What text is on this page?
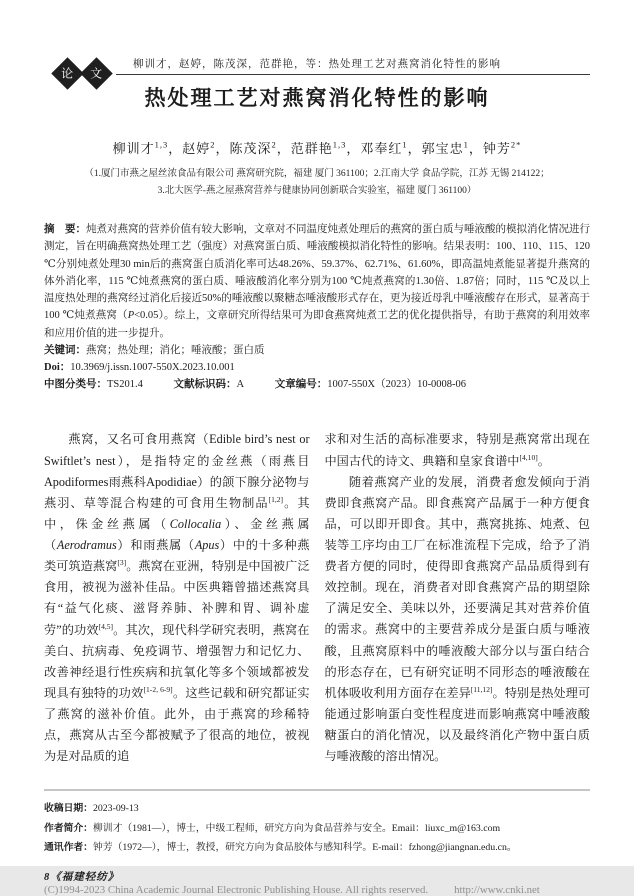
论 文
柳训才，赵婷，陈茂深，范群艳，等：热处理工艺对燕窝消化特性的影响
热处理工艺对燕窝消化特性的影响
柳训才$^{1,3}$，赵婷$^2$，陈茂深$^2$，范群艳$^{1,3}$，邓奉红$^1$，郭宝忠$^1$，钟芳$^{2*}$
（1.厦门市燕之屋丝浓食品有限公司 燕窝研究院，福建 厦门 361100；2.江南大学 食品学院，江苏 无锡 214122；
3.北大医学-燕之屋燕窝营养与健康协同创新联合实验室，福建 厦门 361100）

摘　要：炖煮对燕窝的营养价值有较大影响，文章对不同温度炖煮处理后的燕窝的蛋白质与唾液酸的模拟消化情况进行测定，旨在明确燕窝热处理工艺（强度）对燕窝蛋白质、唾液酸模拟消化特性的影响。结果表明：100、110、115、120 ℃分别炖煮处理30 min后的燕窝蛋白质消化率可达48.26%、59.37%、62.71%、61.60%，即高温炖煮能显著提升燕窝的体外消化率，115 ℃炖煮燕窝的蛋白质、唾液酸消化率分别为100 ℃炖煮燕窝的1.30倍、1.87倍；同时，115 ℃及以上温度热处理的燕窝经过消化后接近50%的唾液酸以聚糖态唾液酸形式存在，更为接近母乳中唾液酸存在形式，显著高于100 ℃炖煮燕窝（P<0.05）。综上，文章研究所得结果可为即食燕窝炖煮工艺的优化提供指导，有助于燕窝的利用效率和应用价值的进一步提升。

关键词：燕窝；热处理；消化；唾液酸；蛋白质

Doi：10.3969/j.issn.1007-550X.2023.10.001

中图分类号：TS201.4	文献标识码：A	文章编号：1007-550X（2023）10-0008-06

燕窝，又名可食用燕窝（Edible bird’s nest or Swiftlet’s nest），是指特定的金丝燕（雨燕目Apodiformes雨燕科Apodidiae）的颌下腺分泌物与燕羽、草等混合构建的可食用生物制品[1,2]。其中，侏金丝燕属（Collocalia）、金丝燕属（Aerodramus）和雨燕属（Apus）中的十多种燕类可筑造燕窝[3]。燕窝在亚洲，特别是中国被广泛食用，被视为滋补佳品。中医典籍曾描述燕窝具有“益气化痰、滋肾养肺、补脾和胃、调补虚劳”的功效[4,5]。其次，现代科学研究表明，燕窝在美白、抗病毒、免疫调节、增强智力和记忆力、改善神经退行性疾病和抗氧化等多个领域都被发现具有独特的功效[1-2, 6-9]。这些记载和研究都证实了燕窝的滋补价值。此外，由于燕窝的珍稀特点，燕窝从古至今都被赋予了很高的地位，被视为是对品质的追

求和对生活的高标准要求，特别是燕窝常出现在中国古代的诗文、典籍和皇家食谱中[4,10]。

随着燕窝产业的发展，消费者愈发倾向于消费即食燕窝产品。即食燕窝产品属于一种方便食品，可以即开即食。其中，燕窝挑拣、炖煮、包装等工序均由工厂在标准流程下完成，给予了消费者方便的同时，使得即食燕窝产品品质得到有效控制。现在，消费者对即食燕窝产品的期望除了满足安全、美味以外，还要满足其对营养价值的需求。燕窝中的主要营养成分是蛋白质与唾液酸，且燕窝原料中的唾液酸大部分以与蛋白结合的形态存在，已有研究证明不同形态的唾液酸在机体吸收利用方面存在差异[11,12]。特别是热处理可能通过影响蛋白变性程度进而影响燕窝中唾液酸糖蛋白的消化情况，以及最终消化产物中蛋白质与唾液酸的溶出情况。

收稿日期：2023-09-13
作者简介：柳训才（1981—），博士，中级工程师，研究方向为食品营养与安全。Email：liuxc_m@163.com
通讯作者：钟芳（1972—），博士，教授，研究方向为食品胶体与感知科学。E-mail：fzhong@jiangnan.edu.cn。
8《福建轻纺》
(C)1994-2023 China Academic Journal Electronic Publishing House. All rights reserved. http://www.cnki.net
